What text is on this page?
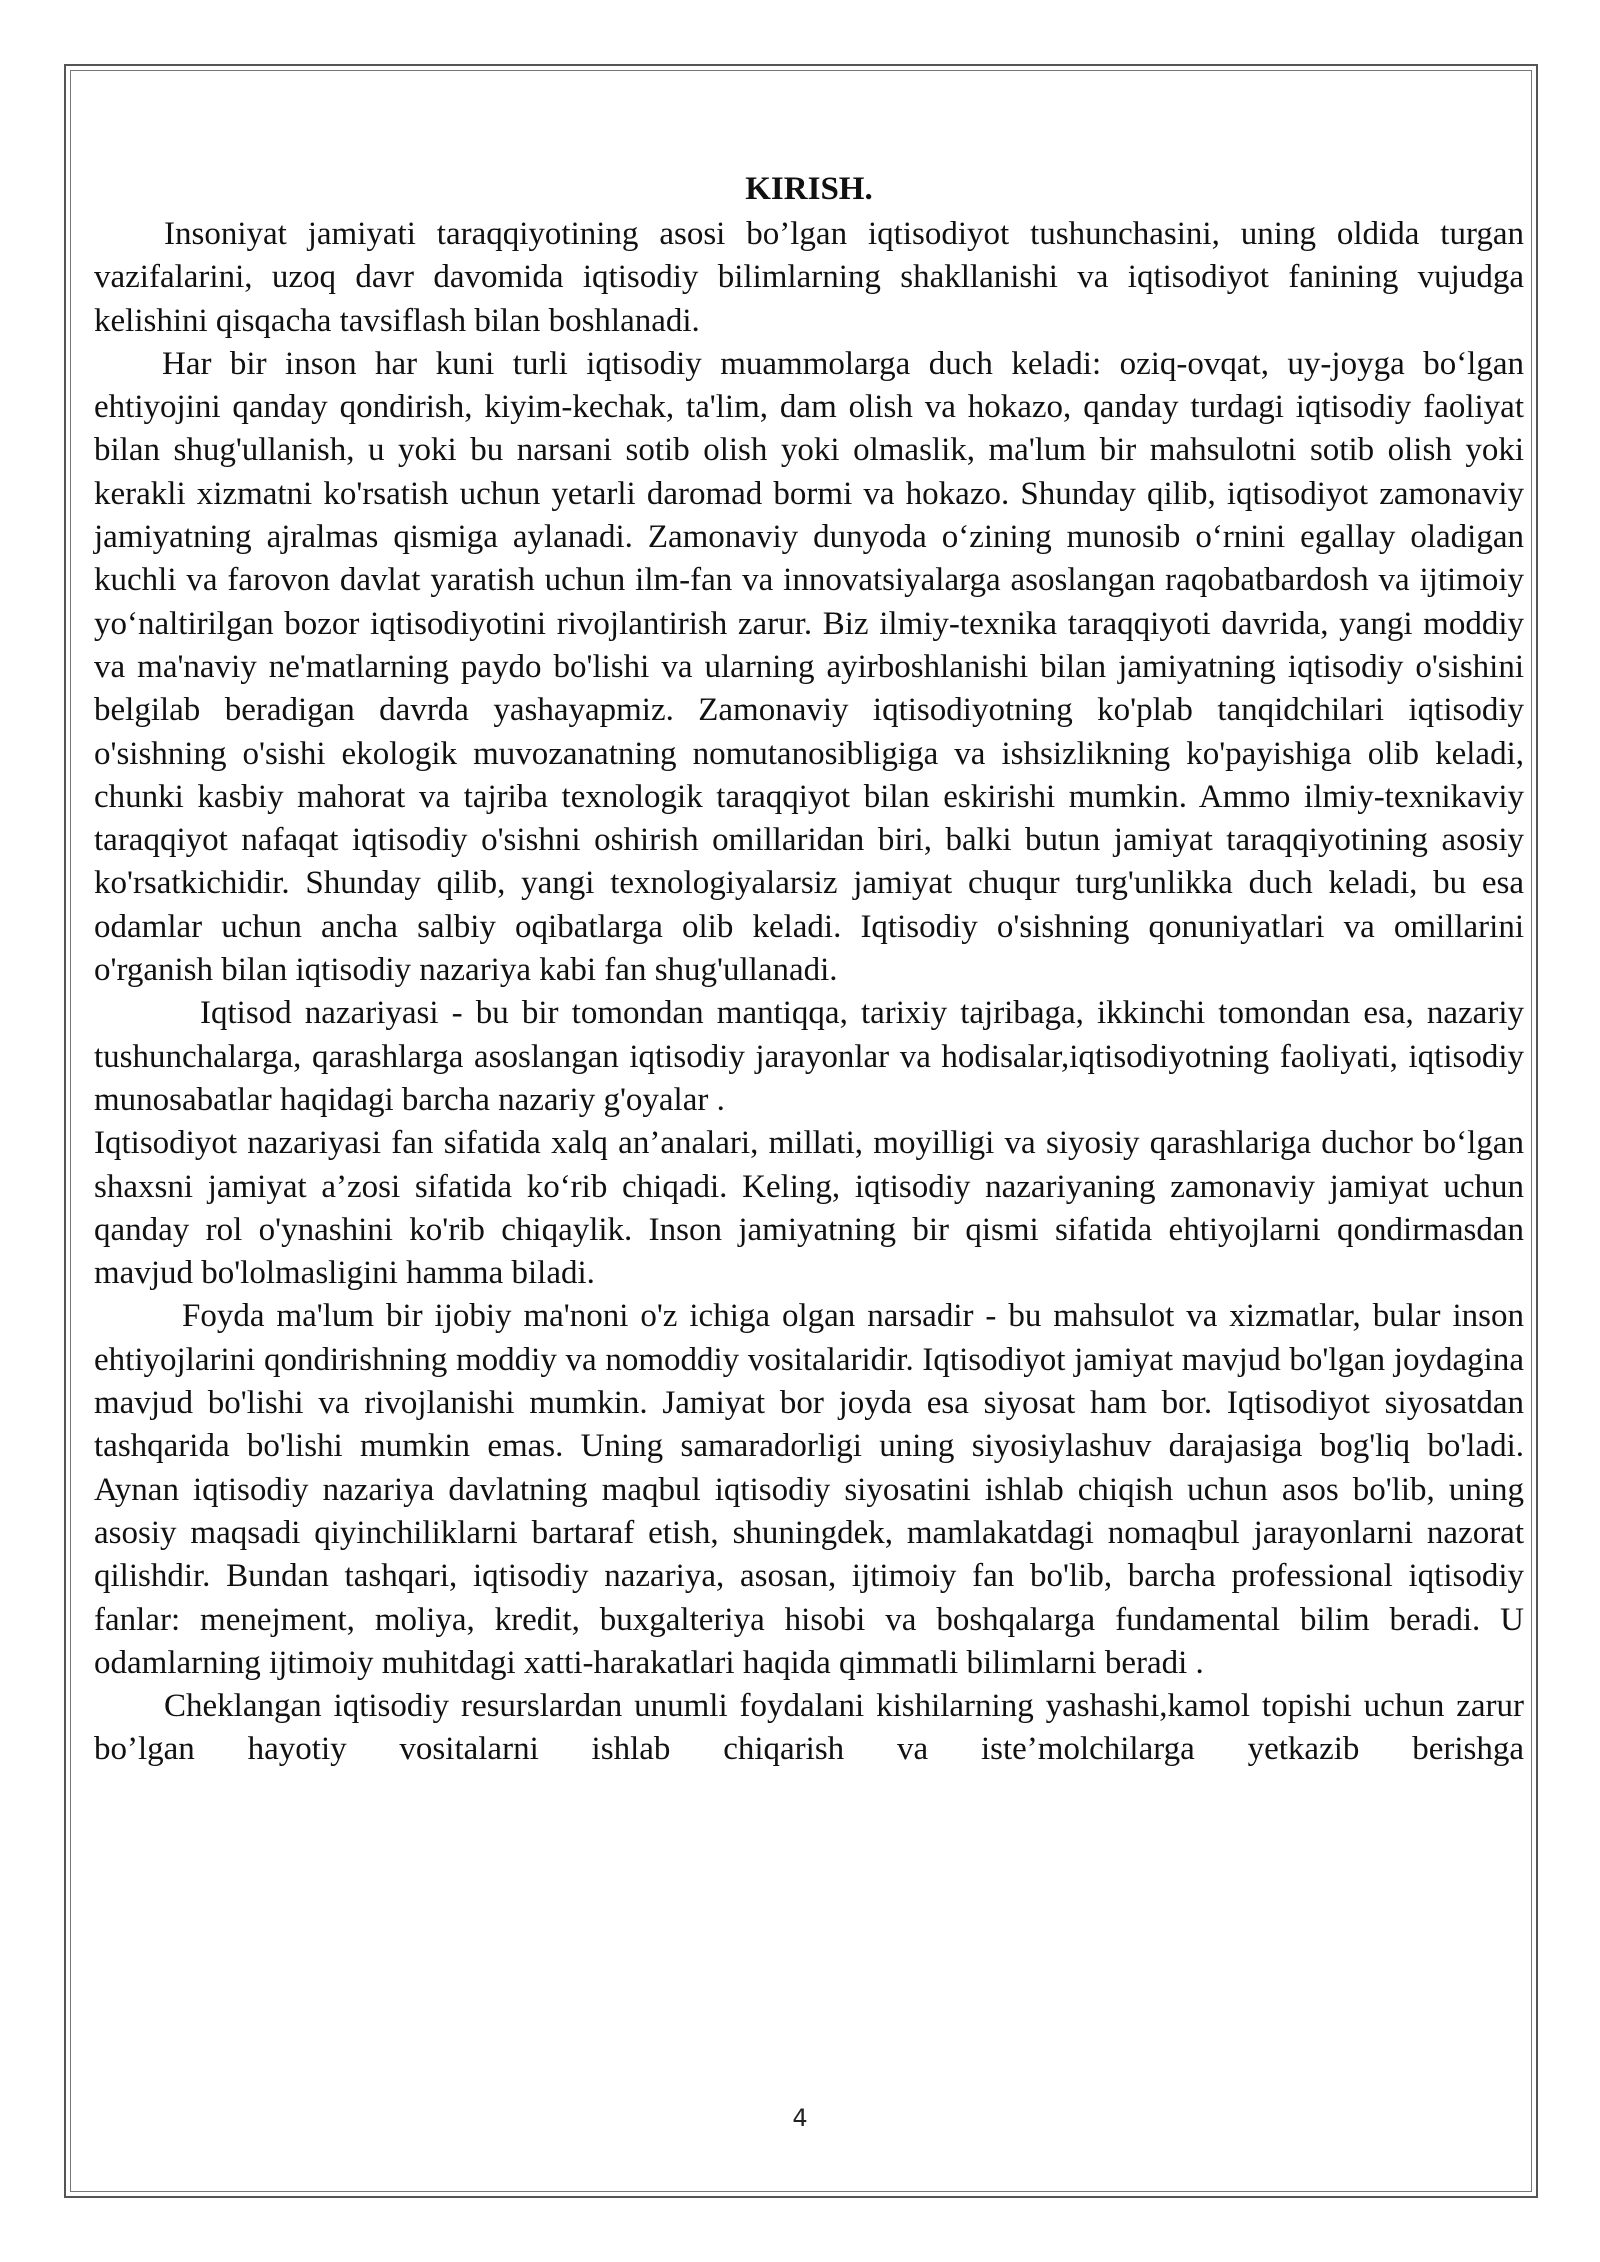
KIRISH.

Insoniyat jamiyati taraqqiyotining asosi bo’lgan iqtisodiyot tushunchasini, uning oldida turgan vazifalarini, uzoq davr davomida iqtisodiy bilimlarning shakllanishi va iqtisodiyot fanining vujudga kelishini qisqacha tavsiflash bilan boshlanadi.

Har bir inson har kuni turli iqtisodiy muammolarga duch keladi: oziq-ovqat, uy-joyga bo‘lgan ehtiyojini qanday qondirish, kiyim-kechak, ta'lim, dam olish va hokazo, qanday turdagi iqtisodiy faoliyat bilan shug'ullanish, u yoki bu narsani sotib olish yoki olmaslik, ma'lum bir mahsulotni sotib olish yoki kerakli xizmatni ko'rsatish uchun yetarli daromad bormi va hokazo. Shunday qilib, iqtisodiyot zamonaviy jamiyatning ajralmas qismiga aylanadi. Zamonaviy dunyoda o‘zining munosib o‘rnini egallay oladigan kuchli va farovon davlat yaratish uchun ilm-fan va innovatsiyalarga asoslangan raqobatbardosh va ijtimoiy yo‘naltirilgan bozor iqtisodiyotini rivojlantirish zarur. Biz ilmiy-texnika taraqqiyoti davrida, yangi moddiy va ma'naviy ne'matlarning paydo bo'lishi va ularning ayirboshlanishi bilan jamiyatning iqtisodiy o'sishini belgilab beradigan davrda yashayapmiz. Zamonaviy iqtisodiyotning ko'plab tanqidchilari iqtisodiy o'sishning o'sishi ekologik muvozanatning nomutanosibligiga va ishsizlikning ko'payishiga olib keladi, chunki kasbiy mahorat va tajriba texnologik taraqqiyot bilan eskirishi mumkin. Ammo ilmiy-texnikaviy taraqqiyot nafaqat iqtisodiy o'sishni oshirish omillaridan biri, balki butun jamiyat taraqqiyotining asosiy ko'rsatkichidir. Shunday qilib, yangi texnologiyalarsiz jamiyat chuqur turg'unlikka duch keladi, bu esa odamlar uchun ancha salbiy oqibatlarga olib keladi. Iqtisodiy o'sishning qonuniyatlari va omillarini o'rganish bilan iqtisodiy nazariya kabi fan shug'ullanadi.

Iqtisod nazariyasi - bu bir tomondan mantiqqa, tarixiy tajribaga, ikkinchi tomondan esa, nazariy tushunchalarga, qarashlarga asoslangan iqtisodiy jarayonlar va hodisalar,iqtisodiyotning faoliyati, iqtisodiy munosabatlar haqidagi barcha nazariy g'oyalar .

Iqtisodiyot nazariyasi fan sifatida xalq an’analari, millati, moyilligi va siyosiy qarashlariga duchor bo‘lgan shaxsni jamiyat a’zosi sifatida ko‘rib chiqadi. Keling, iqtisodiy nazariyaning zamonaviy jamiyat uchun qanday rol o'ynashini ko'rib chiqaylik. Inson jamiyatning bir qismi sifatida ehtiyojlarni qondirmasdan mavjud bo'lolmasligini hamma biladi.

Foyda ma'lum bir ijobiy ma'noni o'z ichiga olgan narsadir - bu mahsulot va xizmatlar, bular inson ehtiyojlarini qondirishning moddiy va nomoddiy vositalaridir. Iqtisodiyot jamiyat mavjud bo'lgan joydagina mavjud bo'lishi va rivojlanishi mumkin. Jamiyat bor joyda esa siyosat ham bor. Iqtisodiyot siyosatdan tashqarida bo'lishi mumkin emas. Uning samaradorligi uning siyosiylashuv darajasiga bog'liq bo'ladi. Aynan iqtisodiy nazariya davlatning maqbul iqtisodiy siyosatini ishlab chiqish uchun asos bo'lib, uning asosiy maqsadi qiyinchiliklarni bartaraf etish, shuningdek, mamlakatdagi nomaqbul jarayonlarni nazorat qilishdir. Bundan tashqari, iqtisodiy nazariya, asosan, ijtimoiy fan bo'lib, barcha professional iqtisodiy fanlar: menejment, moliya, kredit, buxgalteriya hisobi va boshqalarga fundamental bilim beradi. U odamlarning ijtimoiy muhitdagi xatti-harakatlari haqida qimmatli bilimlarni beradi .

Cheklangan iqtisodiy resurslardan unumli foydalani kishilarning yashashi,kamol topishi uchun zarur bo’lgan hayotiy vositalarni ishlab chiqarish va iste’molchilarga yetkazib berishga

4
